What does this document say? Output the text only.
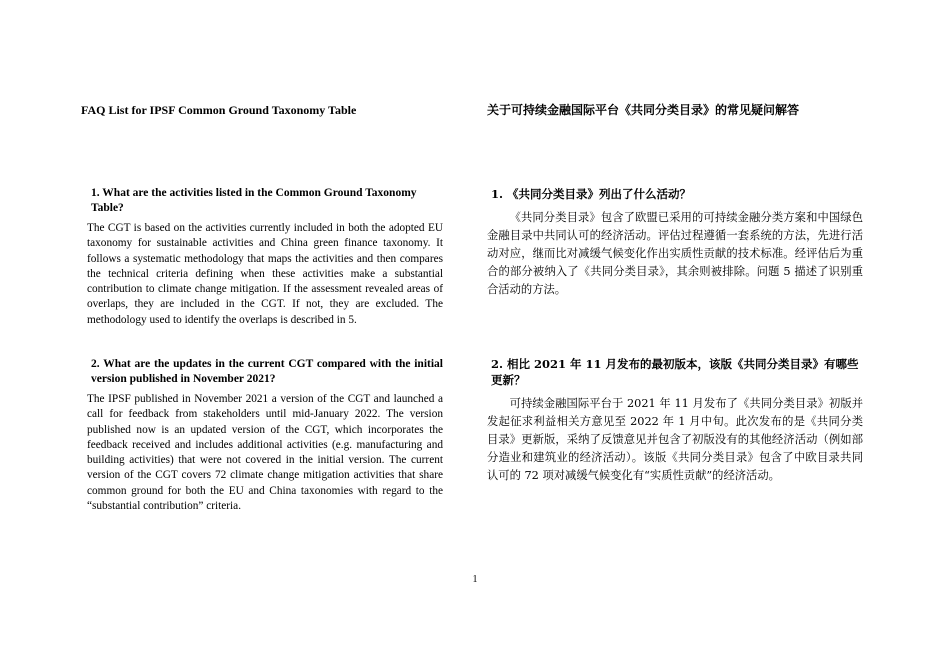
FAQ List for IPSF Common Ground Taxonomy Table
1. What are the activities listed in the Common Ground Taxonomy Table?
The CGT is based on the activities currently included in both the adopted EU taxonomy for sustainable activities and China green finance taxonomy. It follows a systematic methodology that maps the activities and then compares the technical criteria defining when these activities make a substantial contribution to climate change mitigation. If the assessment revealed areas of overlaps, they are included in the CGT. If not, they are excluded. The methodology used to identify the overlaps is described in 5.
2. What are the updates in the current CGT compared with the initial version published in November 2021?
The IPSF published in November 2021 a version of the CGT and launched a call for feedback from stakeholders until mid-January 2022. The version published now is an updated version of the CGT, which incorporates the feedback received and includes additional activities (e.g. manufacturing and building activities) that were not covered in the initial version. The current version of the CGT covers 72 climate change mitigation activities that share common ground for both the EU and China taxonomies with regard to the “substantial contribution” criteria.
关于可持续金融国际平台《共同分类目录》的常见疑问解答
1. 《共同分类目录》列出了什么活动？
《共同分类目录》包含了欧盟已采用的可持续金融分类方案和中国绿色金融目录中共同认可的经济活动。评估过程遵循一套系统的方法，先进行活动对应，继而比对减缓气候变化作出实质性贡献的技术标准。经评估后为重合的部分被纳入了《共同分类目录》，其余则被排除。问题 5 描述了识别重合活动的方法。
2. 相比 2021 年 11 月发布的最初版本，该版《共同分类目录》有哪些更新？
可持续金融国际平台于 2021 年 11 月发布了《共同分类目录》初版并发起征求利益相关方意见至 2022 年 1 月中旬。此次发布的是《共同分类目录》更新版，采纳了反馈意见并包含了初版没有的其他经济活动（例如部分造业和建筑业的经济活动）。该版《共同分类目录》包含了中欧目录共同认可的 72 项对减缓气候变化有“实质性贡献”的经济活动。
1
